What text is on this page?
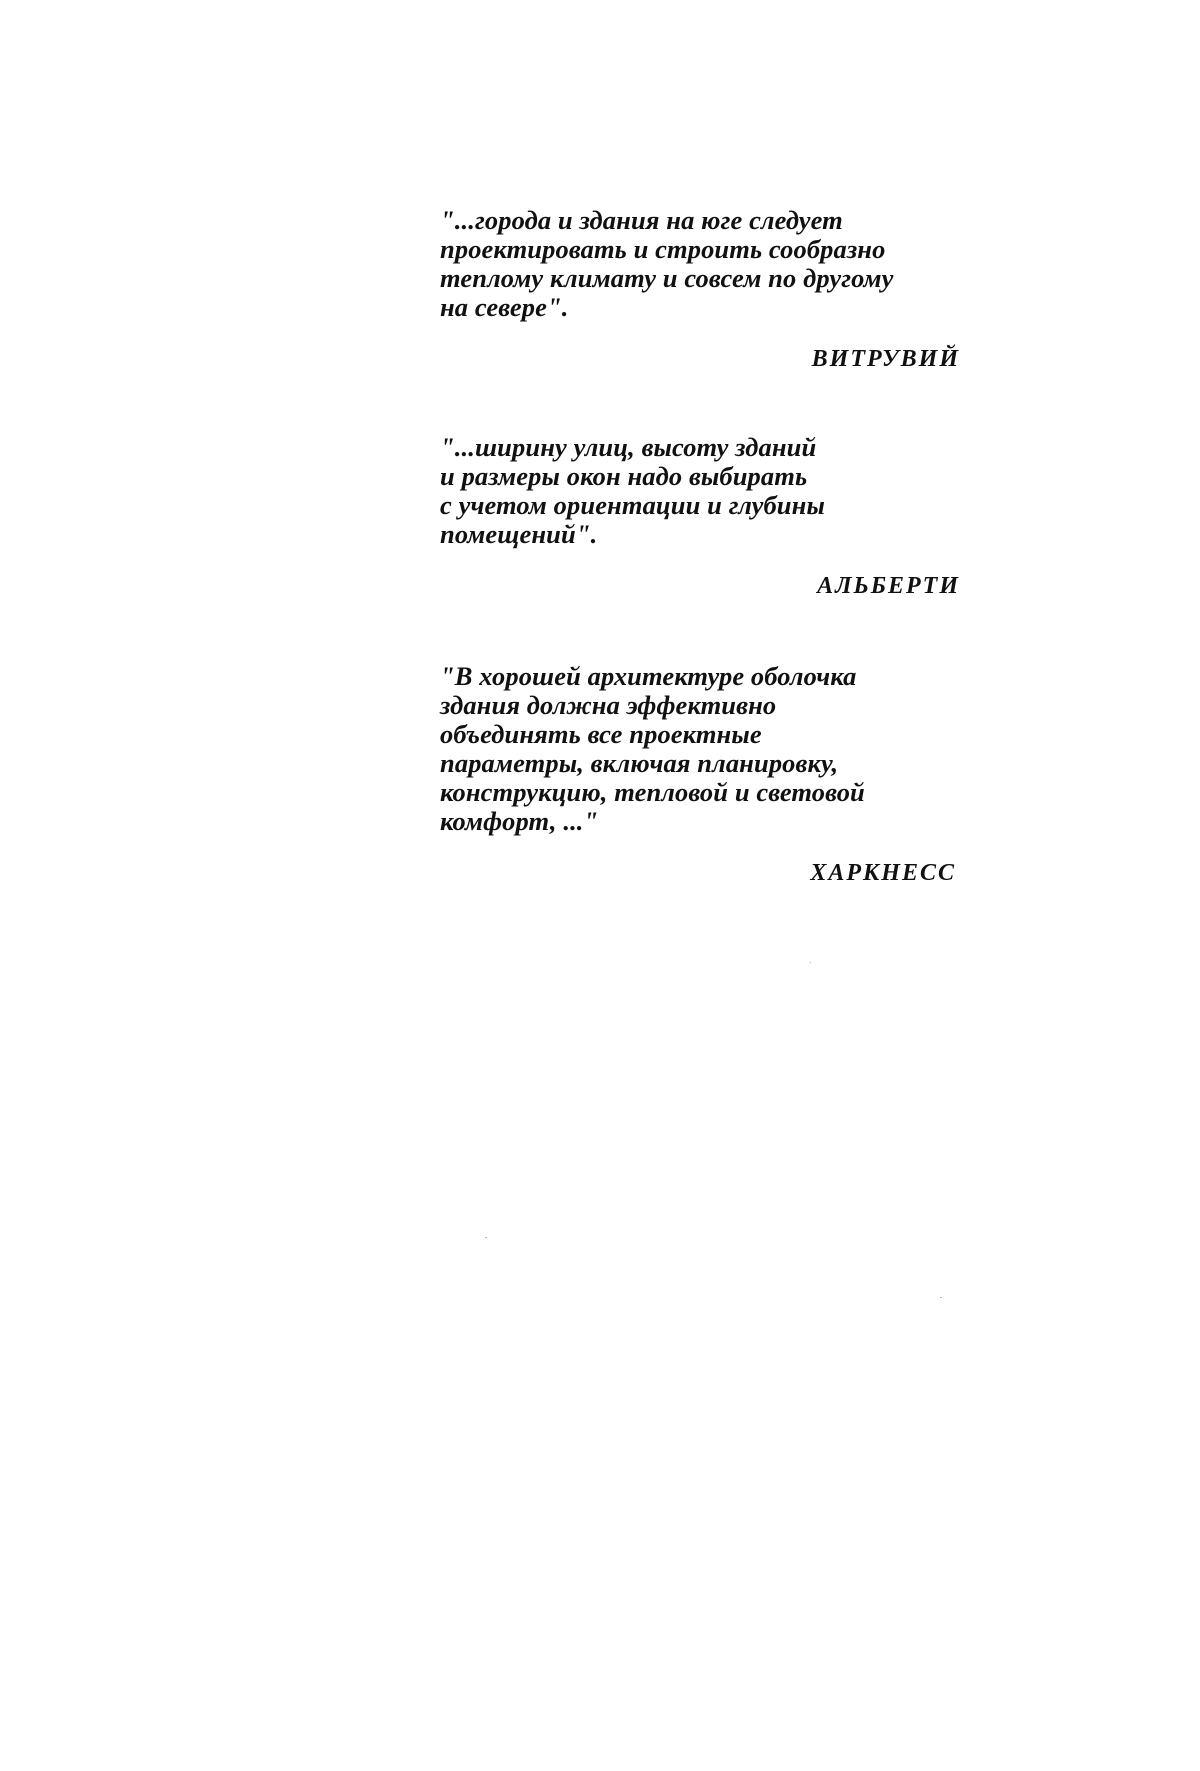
"...города и здания на юге следует
проектировать и строить сообразно
теплому климату и совсем по другому
на севере".

ВИТРУВИЙ

"...ширину улиц, высоту зданий
и размеры окон надо выбирать
с учетом ориентации и глубины
помещений".

АЛЬБЕРТИ

"В хорошей архитектуре оболочка
здания должна эффективно
объединять все проектные
параметры, включая планировку,
конструкцию, тепловой и световой
комфорт, ..."

ХАРКНЕСС
